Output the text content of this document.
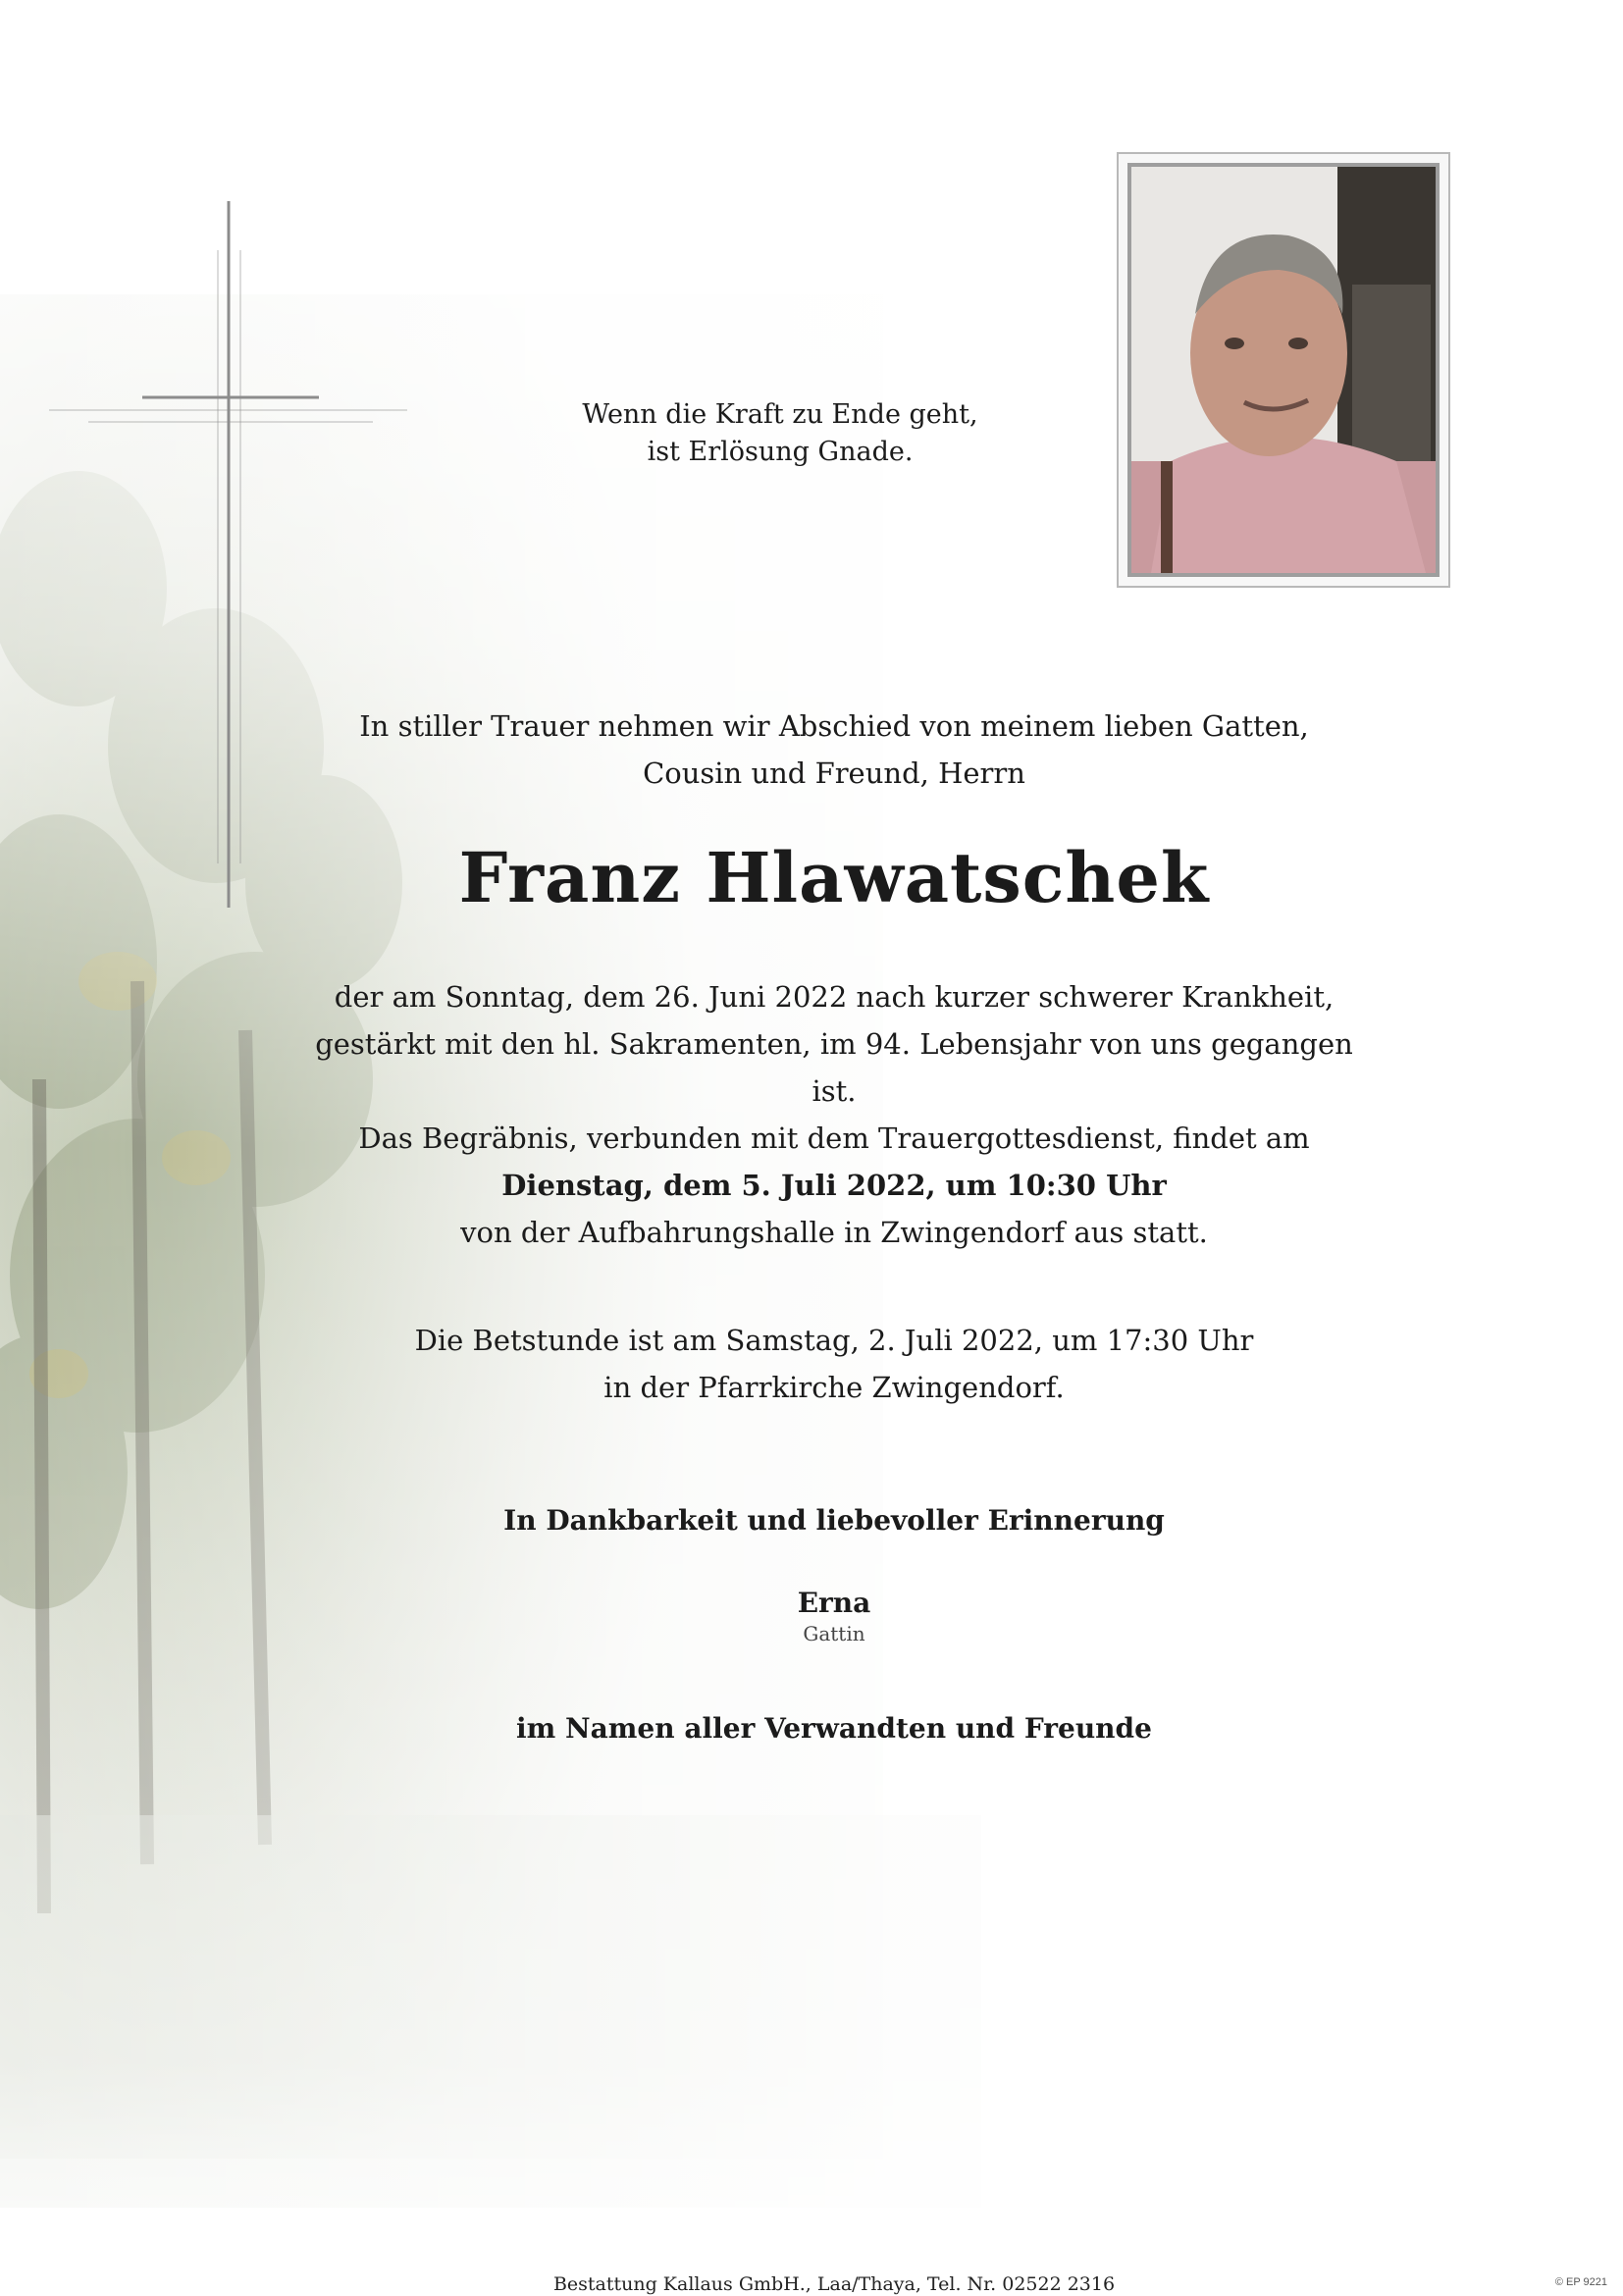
Wenn die Kraft zu Ende geht,
ist Erlösung Gnade.
In stiller Trauer nehmen wir Abschied von meinem lieben Gatten,
Cousin und Freund, Herrn
Franz Hlawatschek
der am Sonntag, dem 26. Juni 2022 nach kurzer schwerer Krankheit,
gestärkt mit den hl. Sakramenten, im 94. Lebensjahr von uns gegangen ist.
Das Begräbnis, verbunden mit dem Trauergottesdienst, findet am
Dienstag, dem 5. Juli 2022, um 10:30 Uhr
von der Aufbahrungshalle in Zwingendorf aus statt.
Die Betstunde ist am Samstag, 2. Juli 2022, um 17:30 Uhr
in der Pfarrkirche Zwingendorf.
In Dankbarkeit und liebevoller Erinnerung
Erna
Gattin
im Namen aller Verwandten und Freunde
Bestattung Kallaus GmbH., Laa/Thaya, Tel. Nr. 02522 2316	© EP 9221
